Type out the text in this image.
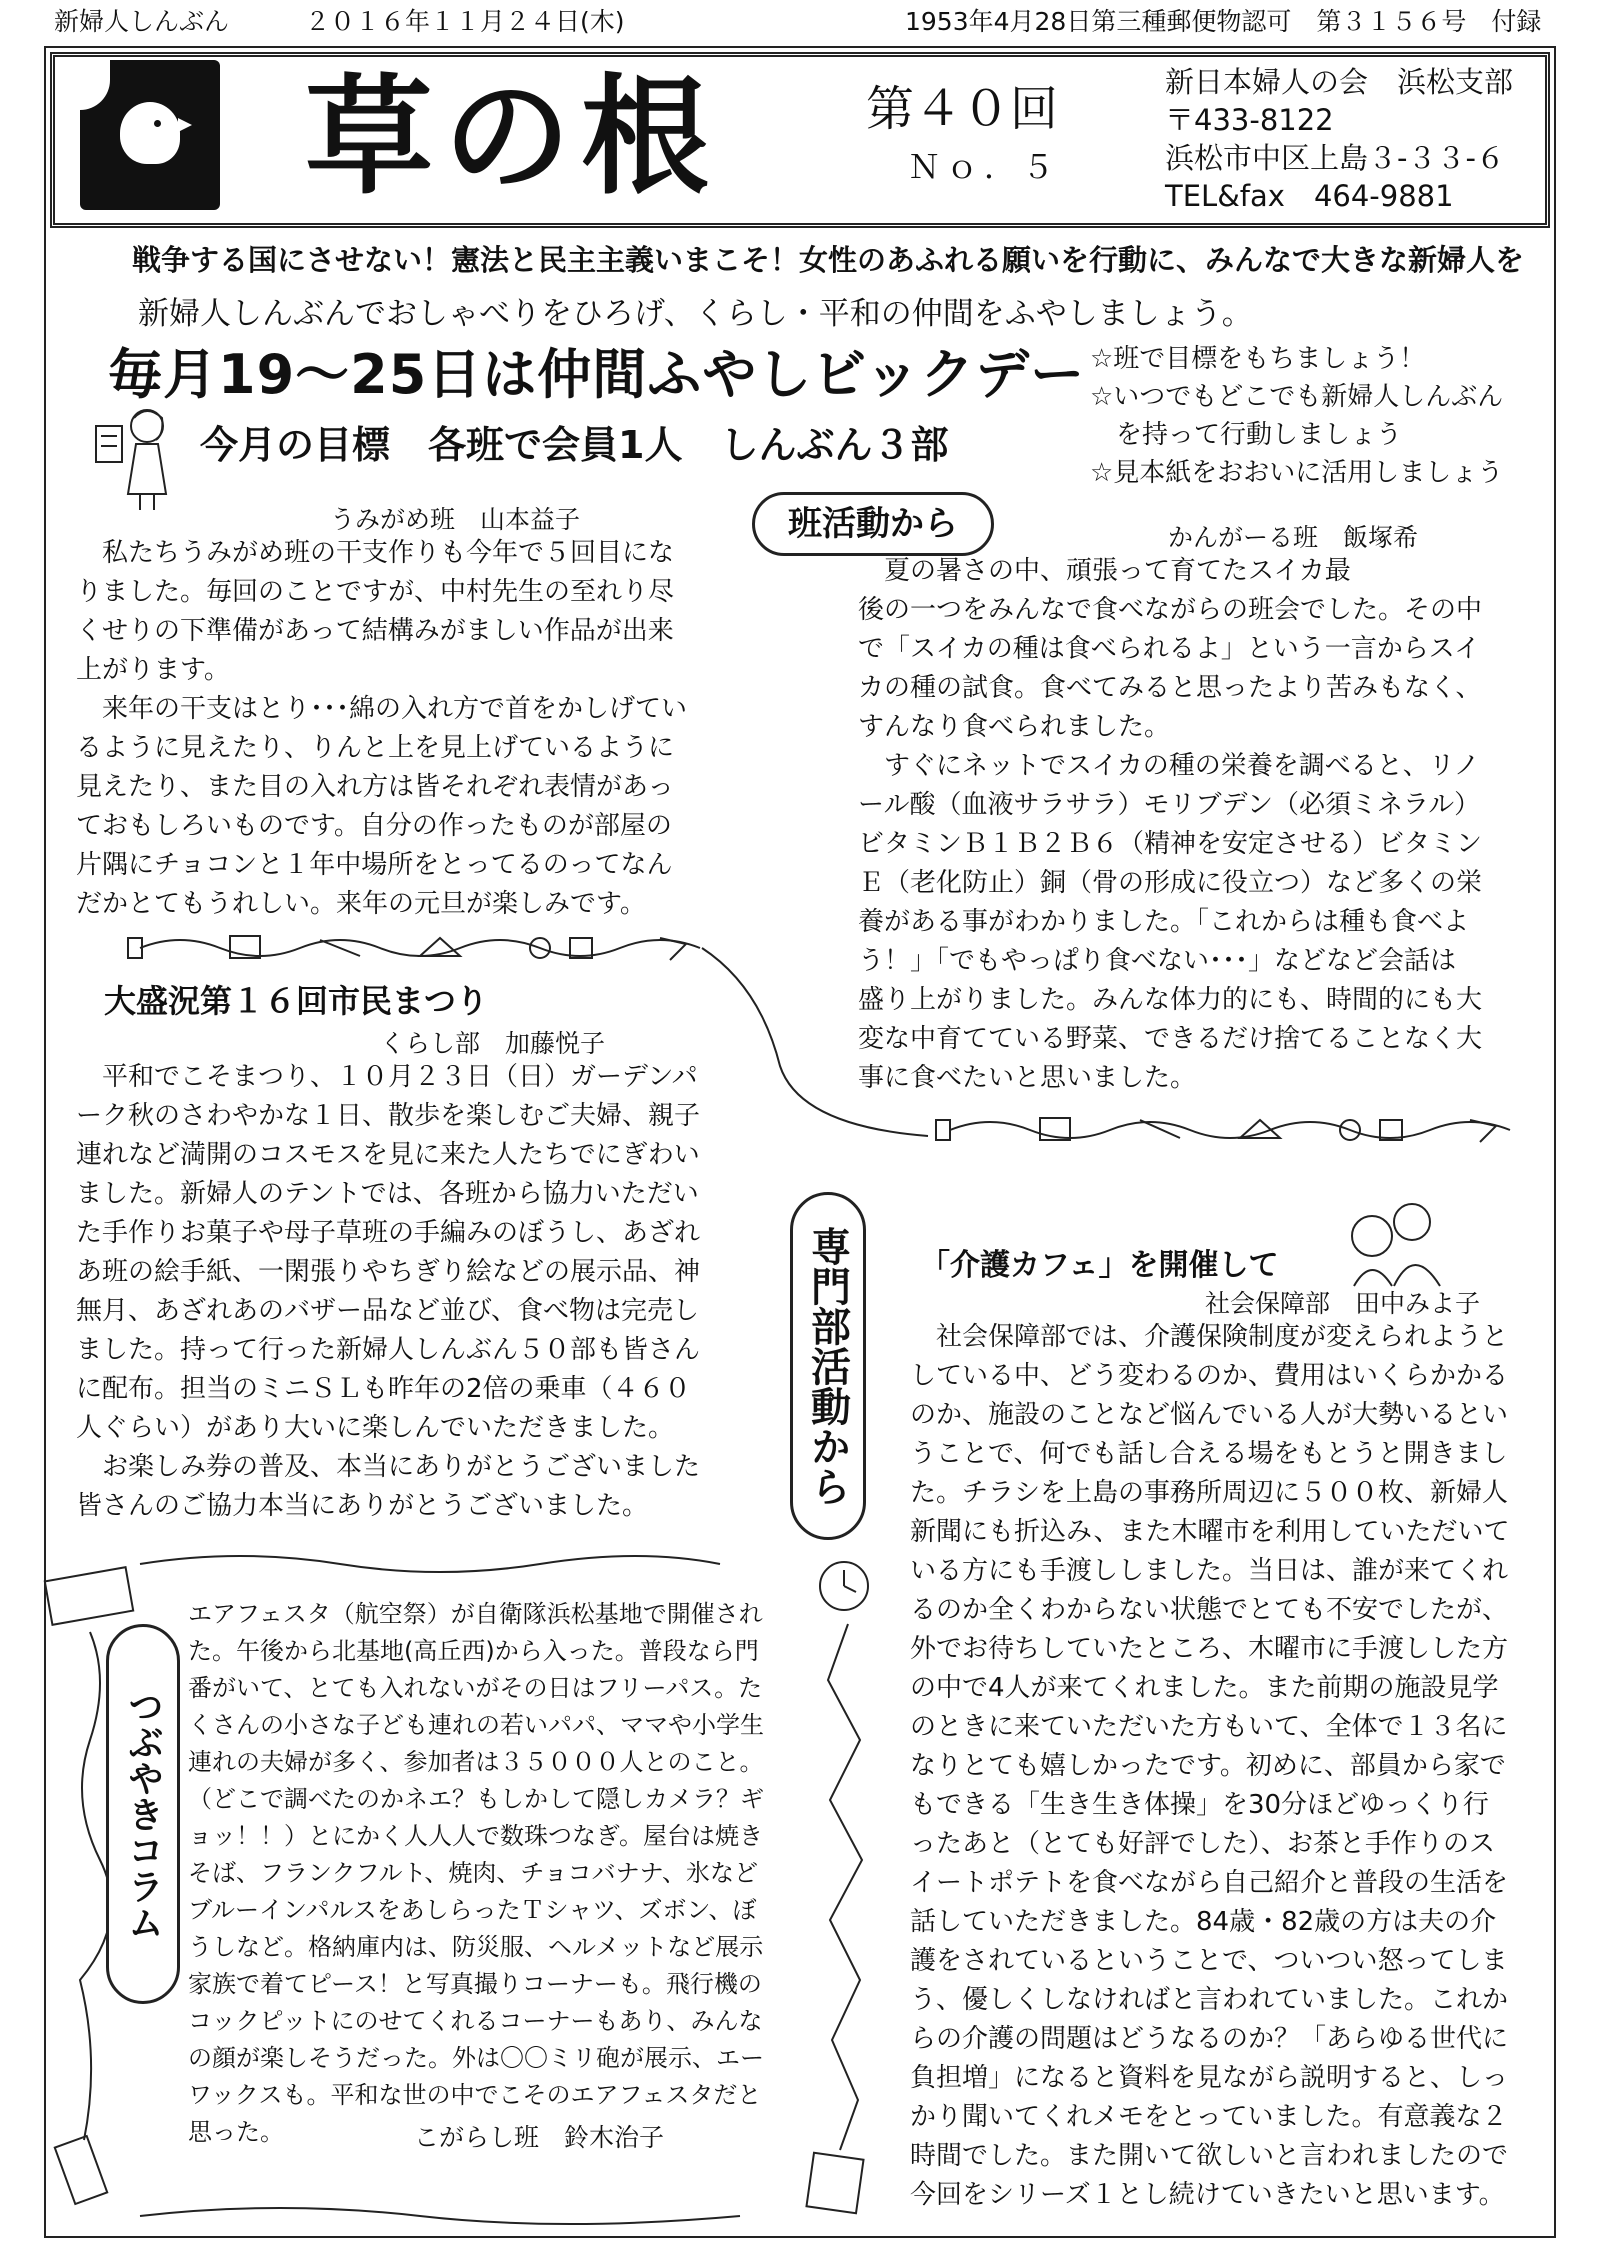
新婦人しんぶん	２０１６年１１月２４日(木)	1953年4月28日第三種郵便物認可　第３１５６号　付録
草の根	第４０回
Ｎｏ．５
新日本婦人の会　浜松支部
〒433-8122
浜松市中区上島３-３３-６
TEL&fax　464-9881
戦争する国にさせない！憲法と民主主義いまこそ！女性のあふれる願いを行動に、みんなで大きな新婦人を
新婦人しんぶんでおしゃべりをひろげ、くらし・平和の仲間をふやしましょう。
毎月19～25日は仲間ふやしビックデー
今月の目標　各班で会員1人　しんぶん３部
☆班で目標をもちましょう！
☆いつでもどこでも新婦人しんぶん
　を持って行動しましょう
☆見本紙をおおいに活用しましょう
班活動から
うみがめ班　山本益子
　私たちうみがめ班の干支作りも今年で５回目にな
りました。毎回のことですが、中村先生の至れり尽
くせりの下準備があって結構みがましい作品が出来
上がります。
　来年の干支はとり･･･綿の入れ方で首をかしげてい
るように見えたり、りんと上を見上げているように
見えたり、また目の入れ方は皆それぞれ表情があっ
ておもしろいものです。自分の作ったものが部屋の
片隅にチョコンと１年中場所をとってるのってなん
だかとてもうれしい。来年の元旦が楽しみです。
かんがーる班　飯塚希
　夏の暑さの中、頑張って育てたスイカ最
後の一つをみんなで食べながらの班会でした。その中
で「スイカの種は食べられるよ」という一言からスイ
カの種の試食。食べてみると思ったより苦みもなく、
すんなり食べられました。
　すぐにネットでスイカの種の栄養を調べると、リノ
ール酸（血液サラサラ）モリブデン（必須ミネラル）
ビタミンＢ１Ｂ２Ｂ６（精神を安定させる）ビタミン
Ｅ（老化防止）銅（骨の形成に役立つ）など多くの栄
養がある事がわかりました。「これからは種も食べよ
う！」「でもやっぱり食べない･･･」などなど会話は
盛り上がりました。みんな体力的にも、時間的にも大
変な中育てている野菜、できるだけ捨てることなく大
事に食べたいと思いました。
大盛況第１６回市民まつり
くらし部　加藤悦子
　平和でこそまつり、１０月２３日（日）ガーデンパ
ーク秋のさわやかな１日、散歩を楽しむご夫婦、親子
連れなど満開のコスモスを見に来た人たちでにぎわい
ました。新婦人のテントでは、各班から協力いただい
た手作りお菓子や母子草班の手編みのぼうし、あざれ
あ班の絵手紙、一閑張りやちぎり絵などの展示品、神
無月、あざれあのバザー品など並び、食べ物は完売し
ました。持って行った新婦人しんぶん５０部も皆さん
に配布。担当のミニＳＬも昨年の2倍の乗車（４６０
人ぐらい）があり大いに楽しんでいただきました。
　お楽しみ券の普及、本当にありがとうございました
皆さんのご協力本当にありがとうございました。	専門部活動から	「介護カフェ」を開催して
社会保障部　田中みよ子
　社会保障部では、介護保険制度が変えられようと
している中、どう変わるのか、費用はいくらかかる
のか、施設のことなど悩んでいる人が大勢いるとい
うことで、何でも話し合える場をもとうと開きまし
た。チラシを上島の事務所周辺に５００枚、新婦人
新聞にも折込み、また木曜市を利用していただいて
いる方にも手渡ししました。当日は、誰が来てくれ
るのか全くわからない状態でとても不安でしたが、
外でお待ちしていたところ、木曜市に手渡しした方
の中で4人が来てくれました。また前期の施設見学
のときに来ていただいた方もいて、全体で１３名に
なりとても嬉しかったです。初めに、部員から家で
もできる「生き生き体操」を30分ほどゆっくり行
ったあと（とても好評でした）、お茶と手作りのス
イートポテトを食べながら自己紹介と普段の生活を
話していただきました。84歳・82歳の方は夫の介
護をされているということで、ついつい怒ってしま
う、優しくしなければと言われていました。これか
らの介護の問題はどうなるのか？「あらゆる世代に
負担増」になると資料を見ながら説明すると、しっ
かり聞いてくれメモをとっていました。有意義な２
時間でした。また開いて欲しいと言われましたので
今回をシリーズ１とし続けていきたいと思います。
つぶやきコラム
エアフェスタ（航空祭）が自衛隊浜松基地で開催され
た。午後から北基地(高丘西)から入った。普段なら門
番がいて、とても入れないがその日はフリーパス。た
くさんの小さな子ども連れの若いパパ、ママや小学生
連れの夫婦が多く、参加者は３５０００人とのこと。
（どこで調べたのかネエ？もしかして隠しカメラ？ギ
ョッ！！）とにかく人人人で数珠つなぎ。屋台は焼き
そば、フランクフルト、焼肉、チョコバナナ、氷など
ブルーインパルスをあしらったＴシャツ、ズボン、ぼ
うしなど。格納庫内は、防災服、ヘルメットなど展示
家族で着てピース！と写真撮りコーナーも。飛行機の
コックピットにのせてくれるコーナーもあり、みんな
の顔が楽しそうだった。外は〇〇ミリ砲が展示、エー
ワックスも。平和な世の中でこそのエアフェスタだと
思った。	こがらし班　鈴木治子
